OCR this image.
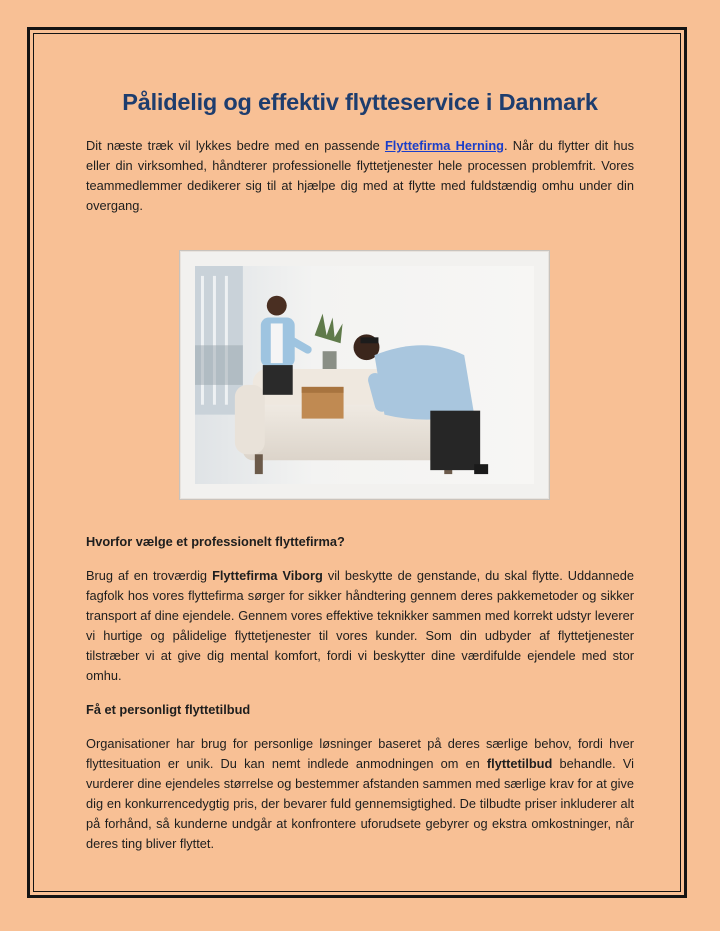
Pålidelig og effektiv flytteservice i Danmark

Dit næste træk vil lykkes bedre med en passende Flyttefirma Herning. Når du flytter dit hus eller din virksomhed, håndterer professionelle flyttetjenester hele processen problemfrit. Vores teammedlemmer dedikerer sig til at hjælpe dig med at flytte med fuldstændig omhu under din overgang.

Hvorfor vælge et professionelt flyttefirma?

Brug af en troværdig Flyttefirma Viborg vil beskytte de genstande, du skal flytte. Uddannede fagfolk hos vores flyttefirma sørger for sikker håndtering gennem deres pakkemetoder og sikker transport af dine ejendele. Gennem vores effektive teknikker sammen med korrekt udstyr leverer vi hurtige og pålidelige flyttetjenester til vores kunder. Som din udbyder af flyttetjenester tilstræber vi at give dig mental komfort, fordi vi beskytter dine værdifulde ejendele med stor omhu.

Få et personligt flyttetilbud

Organisationer har brug for personlige løsninger baseret på deres særlige behov, fordi hver flyttesituation er unik. Du kan nemt indlede anmodningen om en flyttetilbud behandle. Vi vurderer dine ejendeles størrelse og bestemmer afstanden sammen med særlige krav for at give dig en konkurrencedygtig pris, der bevarer fuld gennemsigtighed. De tilbudte priser inkluderer alt på forhånd, så kunderne undgår at konfrontere uforudsete gebyrer og ekstra omkostninger, når deres ting bliver flyttet.
